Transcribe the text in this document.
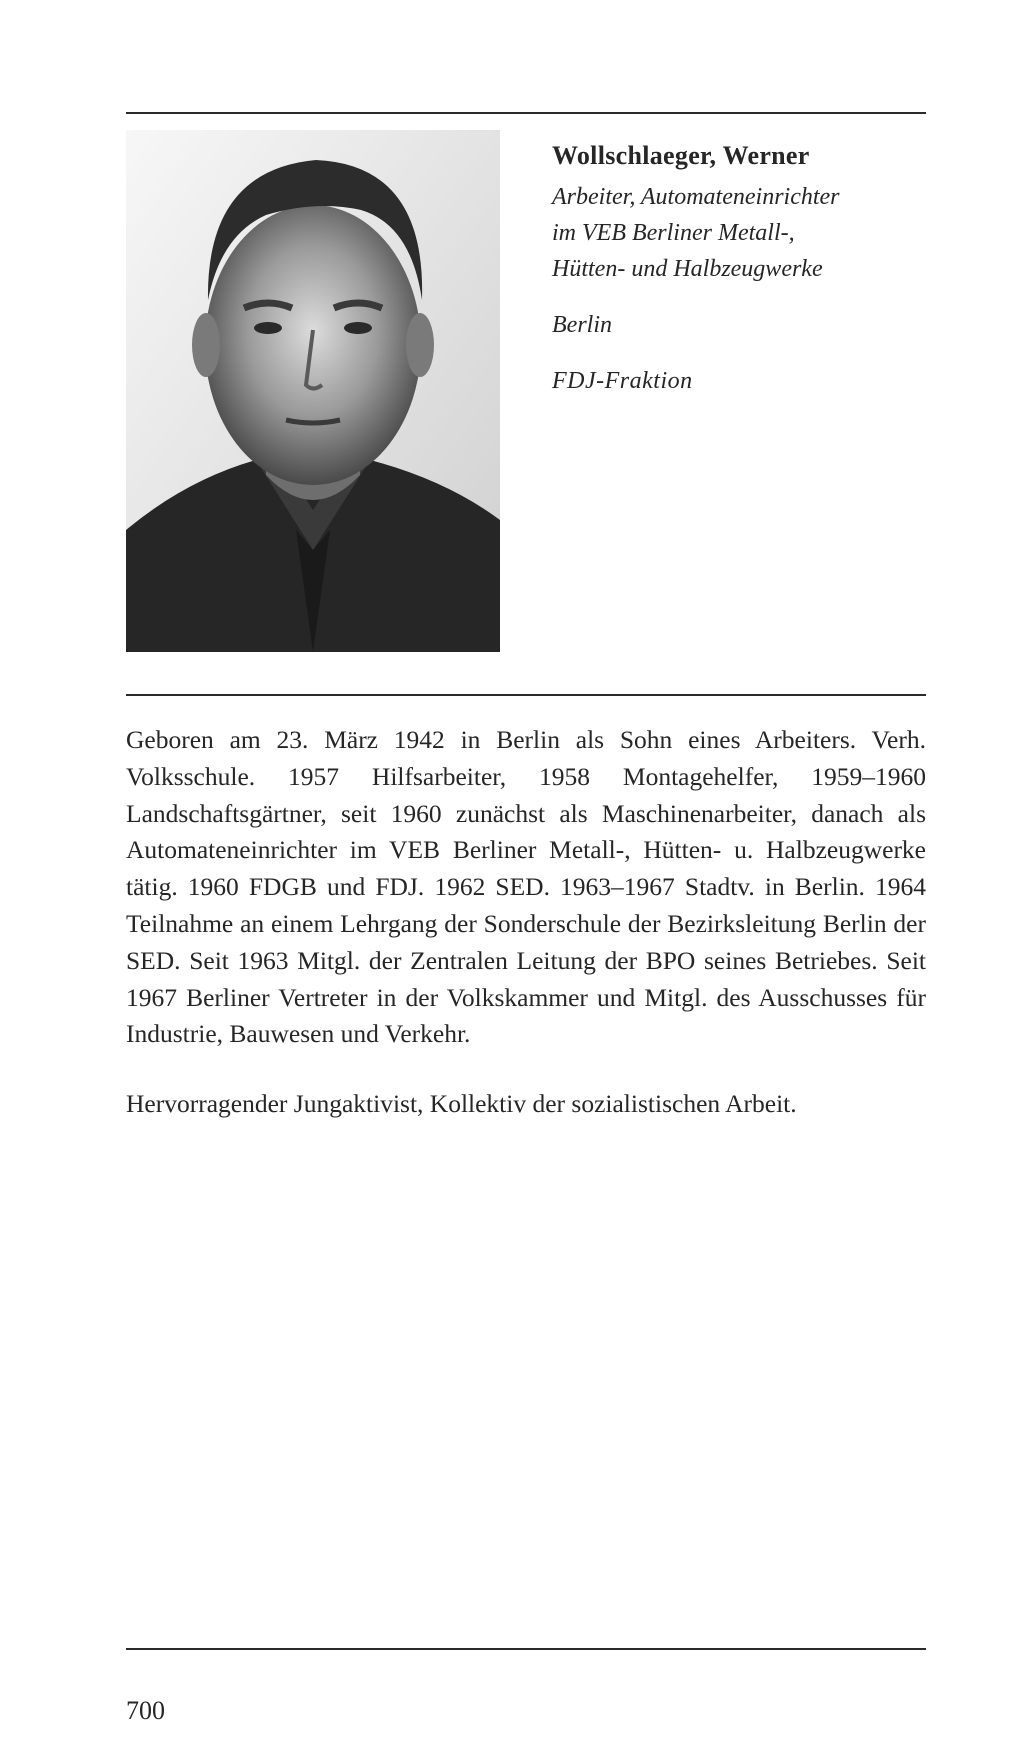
Wollschlaeger, Werner

Arbeiter, Automateneinrichter

im VEB Berliner Metall-,

Hütten- und Halbzeugwerke

Berlin

FDJ-Fraktion

Geboren am 23. März 1942 in Berlin als Sohn eines Arbeiters. Verh. Volksschule. 1957 Hilfsarbeiter, 1958 Montagehelfer, 1959–1960 Landschaftsgärtner, seit 1960 zunächst als Maschinenarbeiter, danach als Automateneinrichter im VEB Berliner Metall-, Hütten- u. Halbzeugwerke tätig. 1960 FDGB und FDJ. 1962 SED. 1963–1967 Stadtv. in Berlin. 1964 Teilnahme an einem Lehrgang der Sonderschule der Bezirksleitung Berlin der SED. Seit 1963 Mitgl. der Zentralen Leitung der BPO seines Betriebes. Seit 1967 Berliner Vertreter in der Volkskammer und Mitgl. des Ausschusses für Industrie, Bauwesen und Verkehr.

Hervorragender Jungaktivist, Kollektiv der sozialistischen Arbeit.

700
